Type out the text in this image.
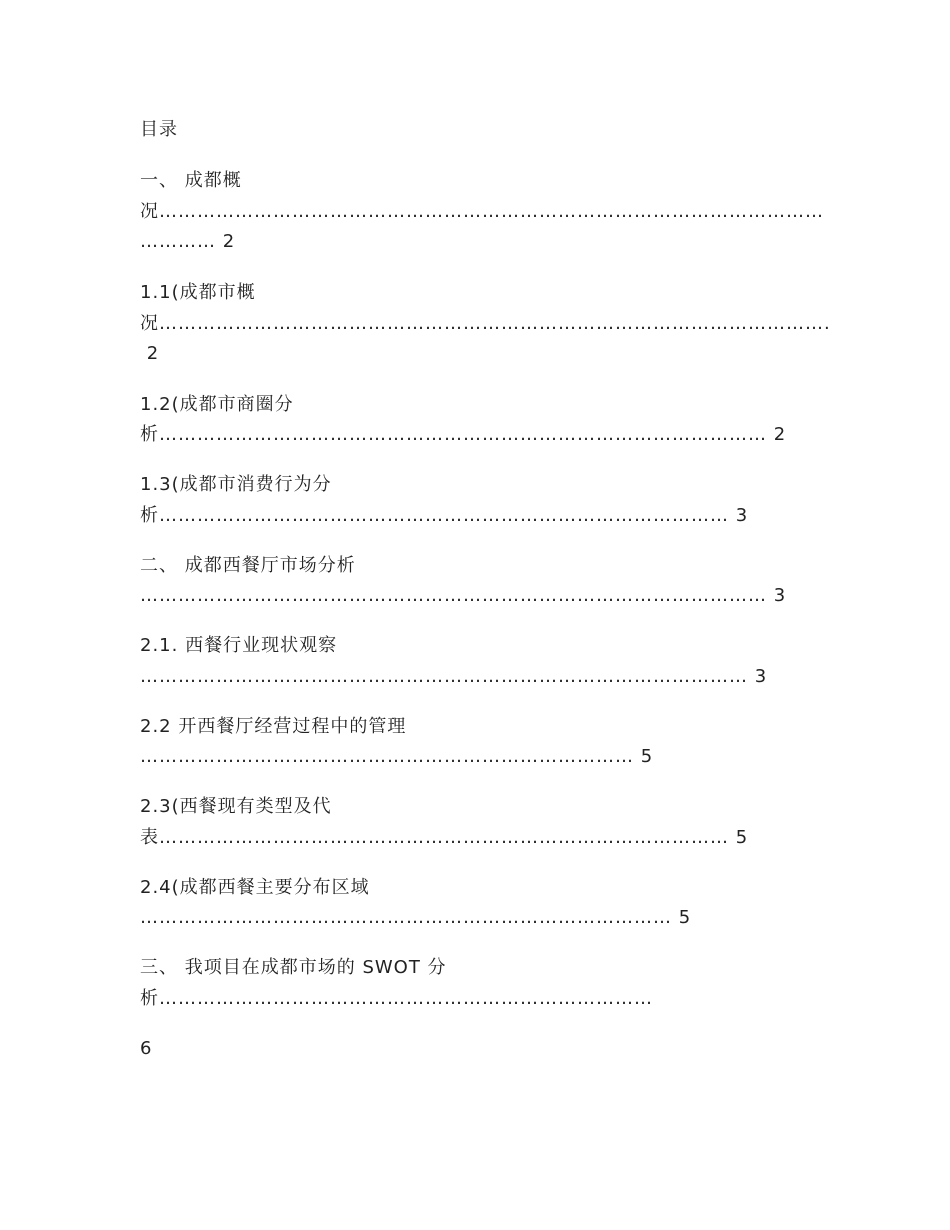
目录
一、 成都概
况……………………………………………………………………………………………
………… 2
1.1(成都市概
况…………………………………………………………………………………………….
2
1.2(成都市商圈分
析…………………………………………………………………………………… 2
1.3(成都市消费行为分
析……………………………………………………………………………… 3
二、 成都西餐厅市场分析
……………………………………………………………………………………… 3
2.1. 西餐行业现状观察
…………………………………………………………………………………… 3
2.2 开西餐厅经营过程中的管理
…………………………………………………………………… 5
2.3(西餐现有类型及代
表……………………………………………………………………………… 5
2.4(成都西餐主要分布区域
………………………………………………………………………… 5
三、 我项目在成都市场的 SWOT 分
析……………………………………………………………………
6
